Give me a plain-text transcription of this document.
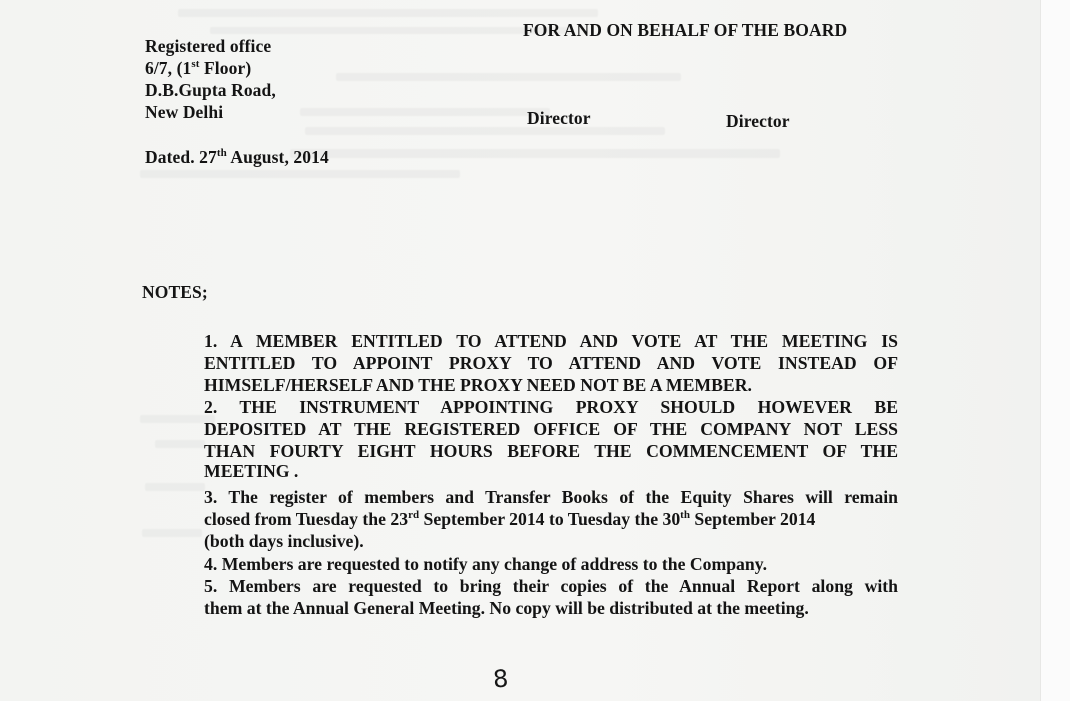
FOR AND ON BEHALF OF THE BOARD
Registered office
6/7, (1st Floor)
D.B.Gupta Road,
New Delhi	Director	Director
Dated. 27th August, 2014
NOTES;
1. A MEMBER ENTITLED TO ATTEND AND VOTE AT THE MEETING IS
ENTITLED TO APPOINT PROXY TO ATTEND AND VOTE INSTEAD OF
HIMSELF/HERSELF AND THE PROXY NEED NOT BE A MEMBER.
2. THE INSTRUMENT APPOINTING PROXY SHOULD HOWEVER BE
DEPOSITED AT THE REGISTERED OFFICE OF THE COMPANY NOT LESS
THAN FOURTY EIGHT HOURS BEFORE THE COMMENCEMENT OF THE
MEETING .
3. The register of members and Transfer Books of the Equity Shares will remain
closed from Tuesday the 23rd September 2014 to Tuesday the 30th September 2014
(both days inclusive).
4. Members are requested to notify any change of address to the Company.
5. Members are requested to bring their copies of the Annual Report along with
them at the Annual General Meeting. No copy will be distributed at the meeting.
8
